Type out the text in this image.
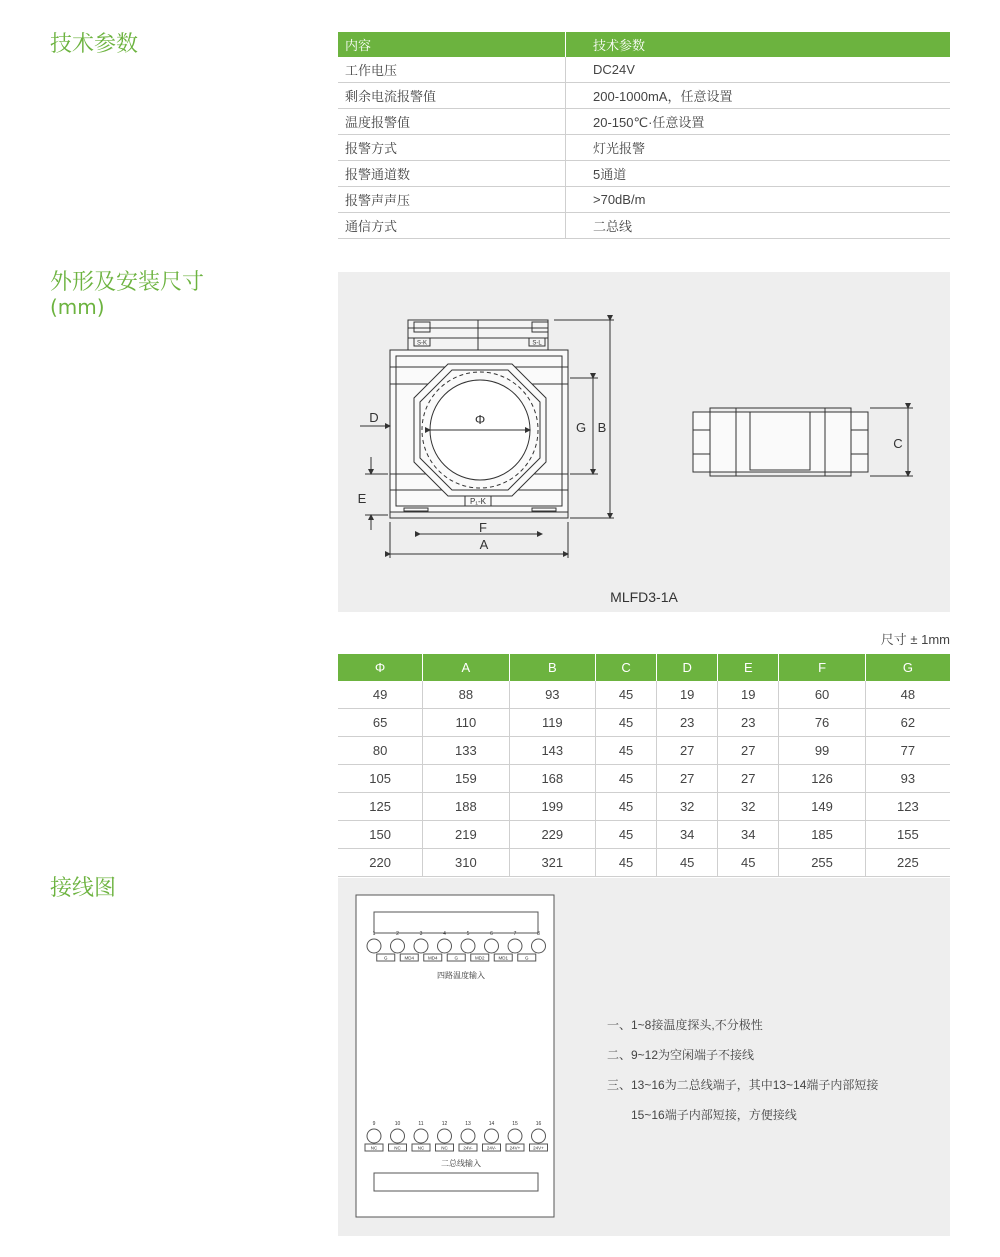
技术参数
外形及安装尺寸
(mm)
接线图
内容	技术参数
工作电压	DC24V
剩余电流报警值	200-1000mA，任意设置
温度报警值	20-150℃·任意设置
报警方式	灯光报警
报警通道数	5通道
报警声声压	>70dB/m
通信方式	二总线
S-K	S-L
P₁-K
Φ
D
E
F
A
G B
C
MLFD3-1A
尺寸 ± 1mm
Φ	A	B	C	D	E	F	G
49	88	93	45	19	19	60	48
65	110	119	45	23	23	76	62
80	133	143	45	27	27	99	77
105	159	168	45	27	27	126	93
125	188	199	45	32	32	149	123
150	219	229	45	34	34	185	155
220	310	321	45	45	45	255	225
1	2	3	4	5	6	7	8
G	MD4	MD4	G	MD2	MD1	G
四路温度输入
9	10	11	12	13	14	15	16
NC	NC	NC	NC	24V-	24V-	24V+	24V+
二总线输入
一、1~8接温度探头,不分极性
二、9~12为空闲端子不接线
三、13~16为二总线端子，其中13~14端子内部短接
15~16端子内部短接，方便接线
